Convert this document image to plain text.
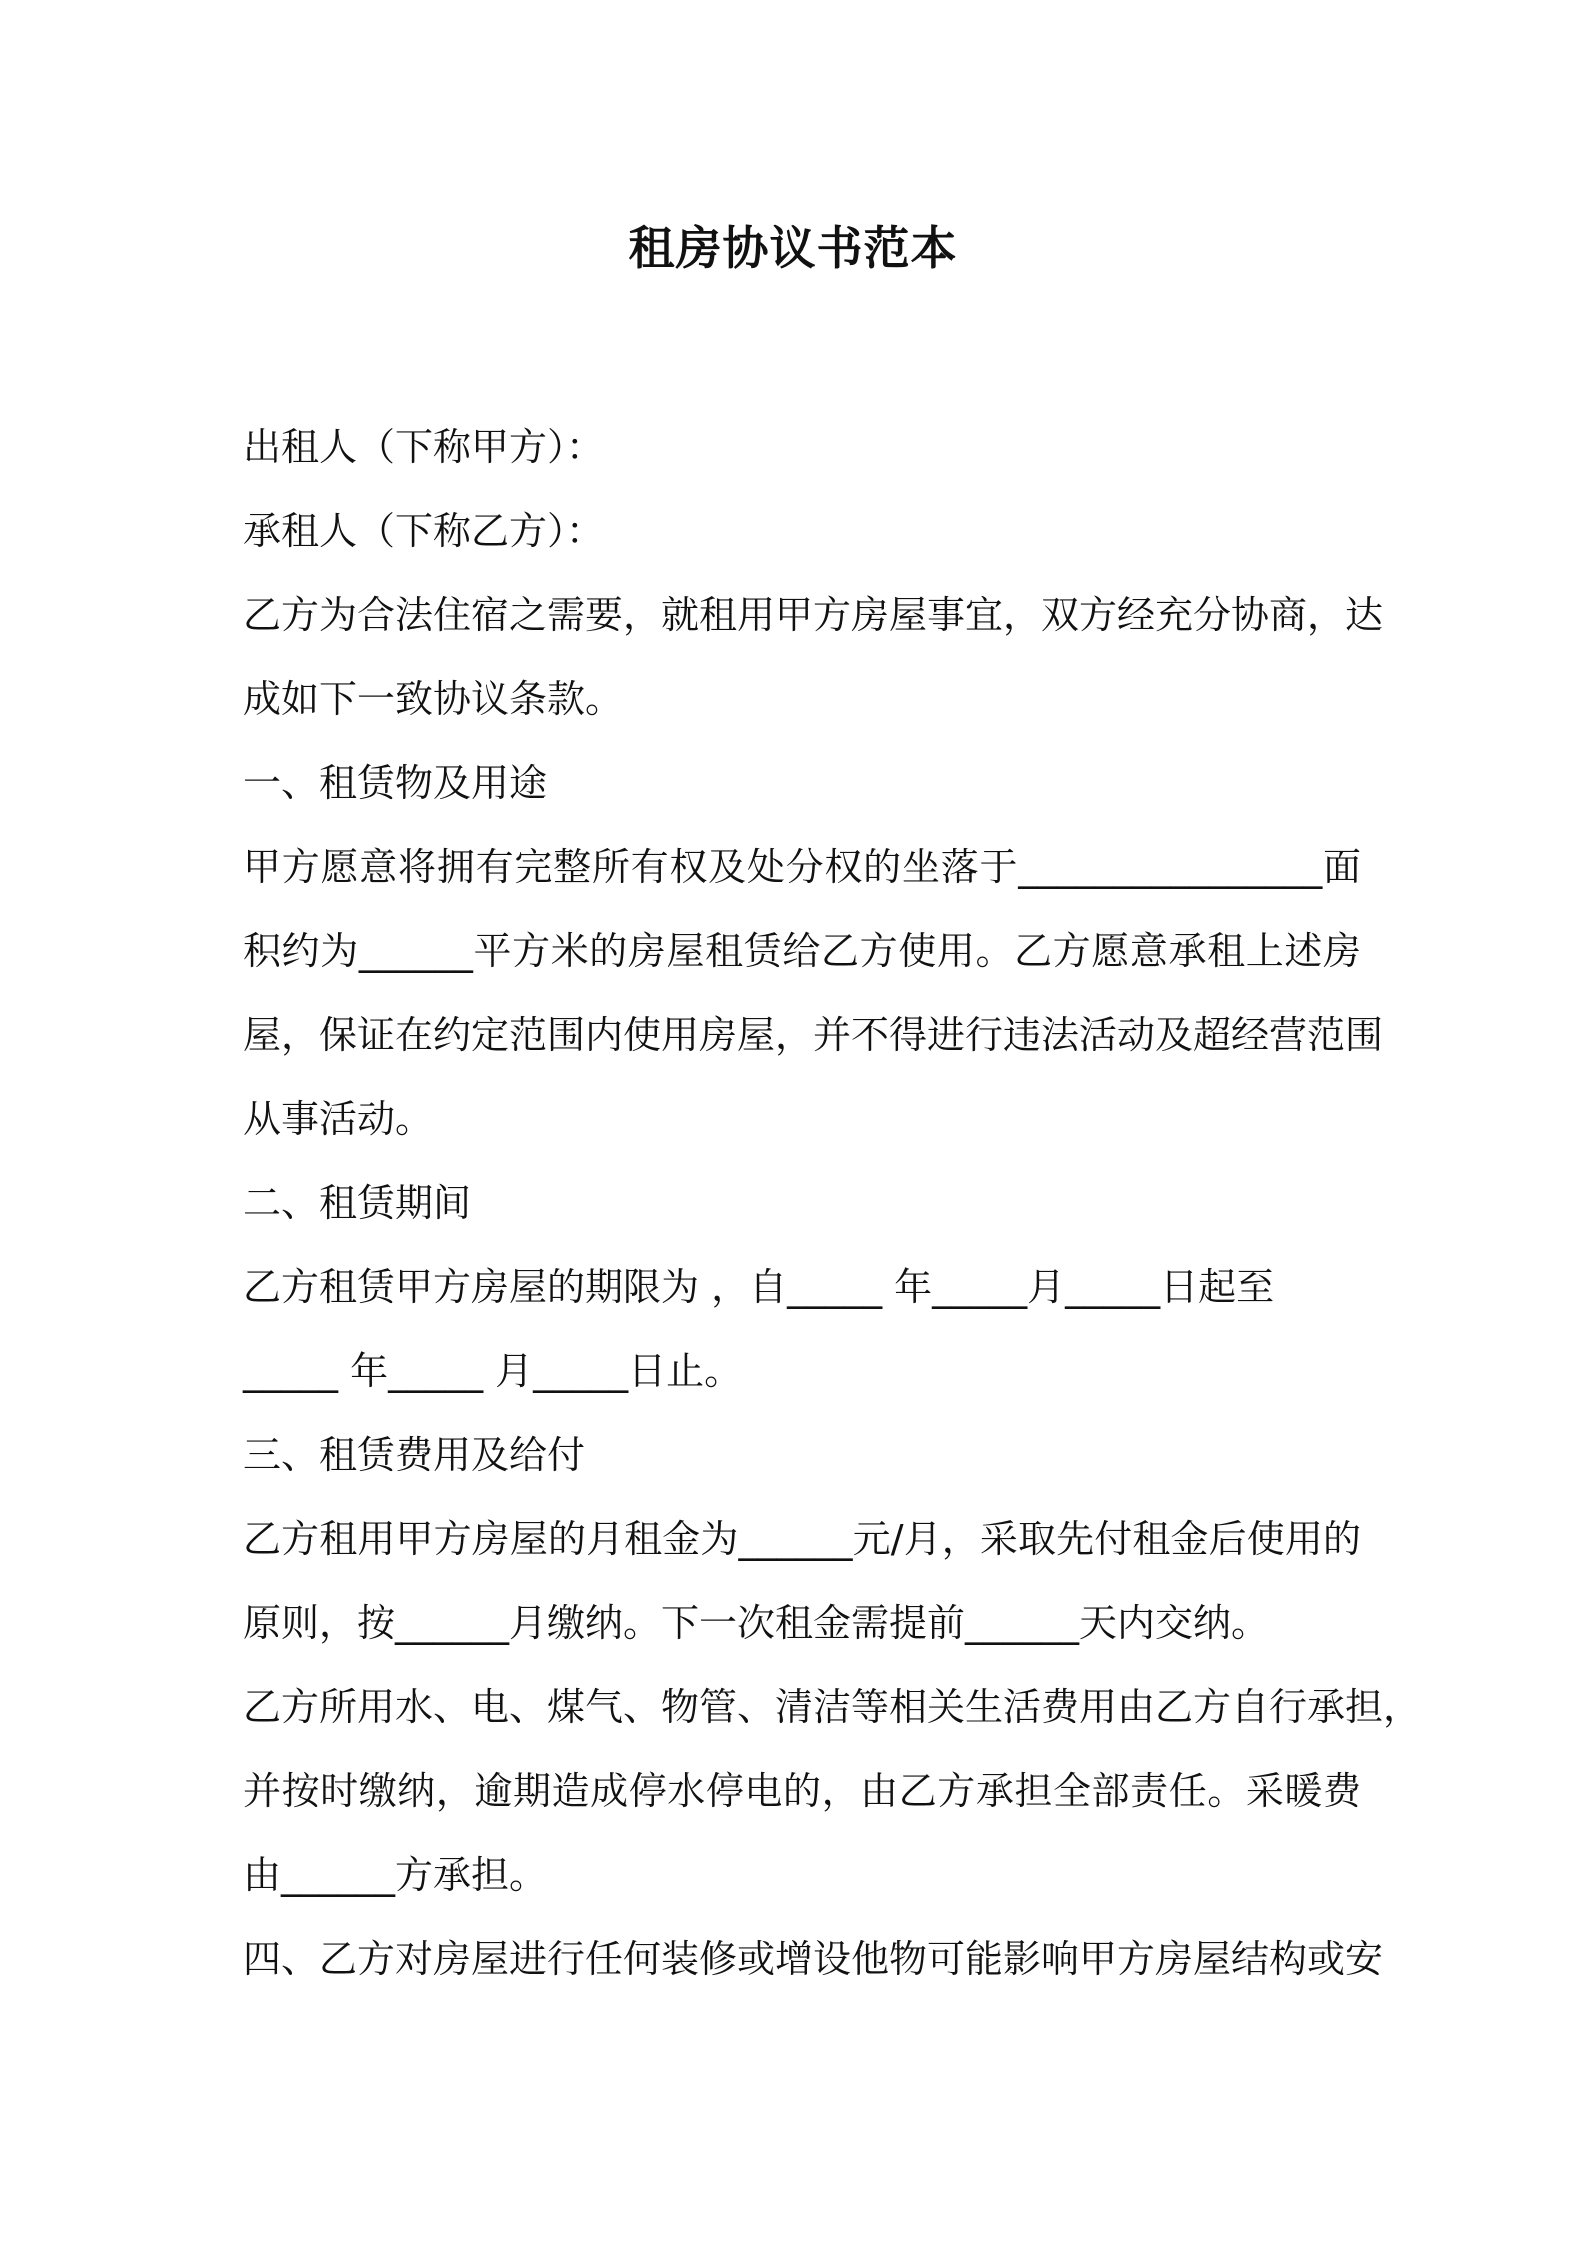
租房协议书范本
出租人（下称甲方）：
承租人（下称乙方）：
乙方为合法住宿之需要，就租用甲方房屋事宜，双方经充分协商，达
成如下一致协议条款。
一、租赁物及用途
甲方愿意将拥有完整所有权及处分权的坐落于________________面
积约为______平方米的房屋租赁给乙方使用。乙方愿意承租上述房
屋，保证在约定范围内使用房屋，并不得进行违法活动及超经营范围
从事活动。
二、租赁期间
乙方租赁甲方房屋的期限为 ，自_____ 年_____月_____日起至
_____ 年_____ 月_____日止。
三、租赁费用及给付
乙方租用甲方房屋的月租金为______元/月，采取先付租金后使用的
原则，按______月缴纳。下一次租金需提前______天内交纳。
乙方所用水、电、煤气、物管、清洁等相关生活费用由乙方自行承担，
并按时缴纳，逾期造成停水停电的，由乙方承担全部责任。采暖费
由______方承担。
四、乙方对房屋进行任何装修或增设他物可能影响甲方房屋结构或安
